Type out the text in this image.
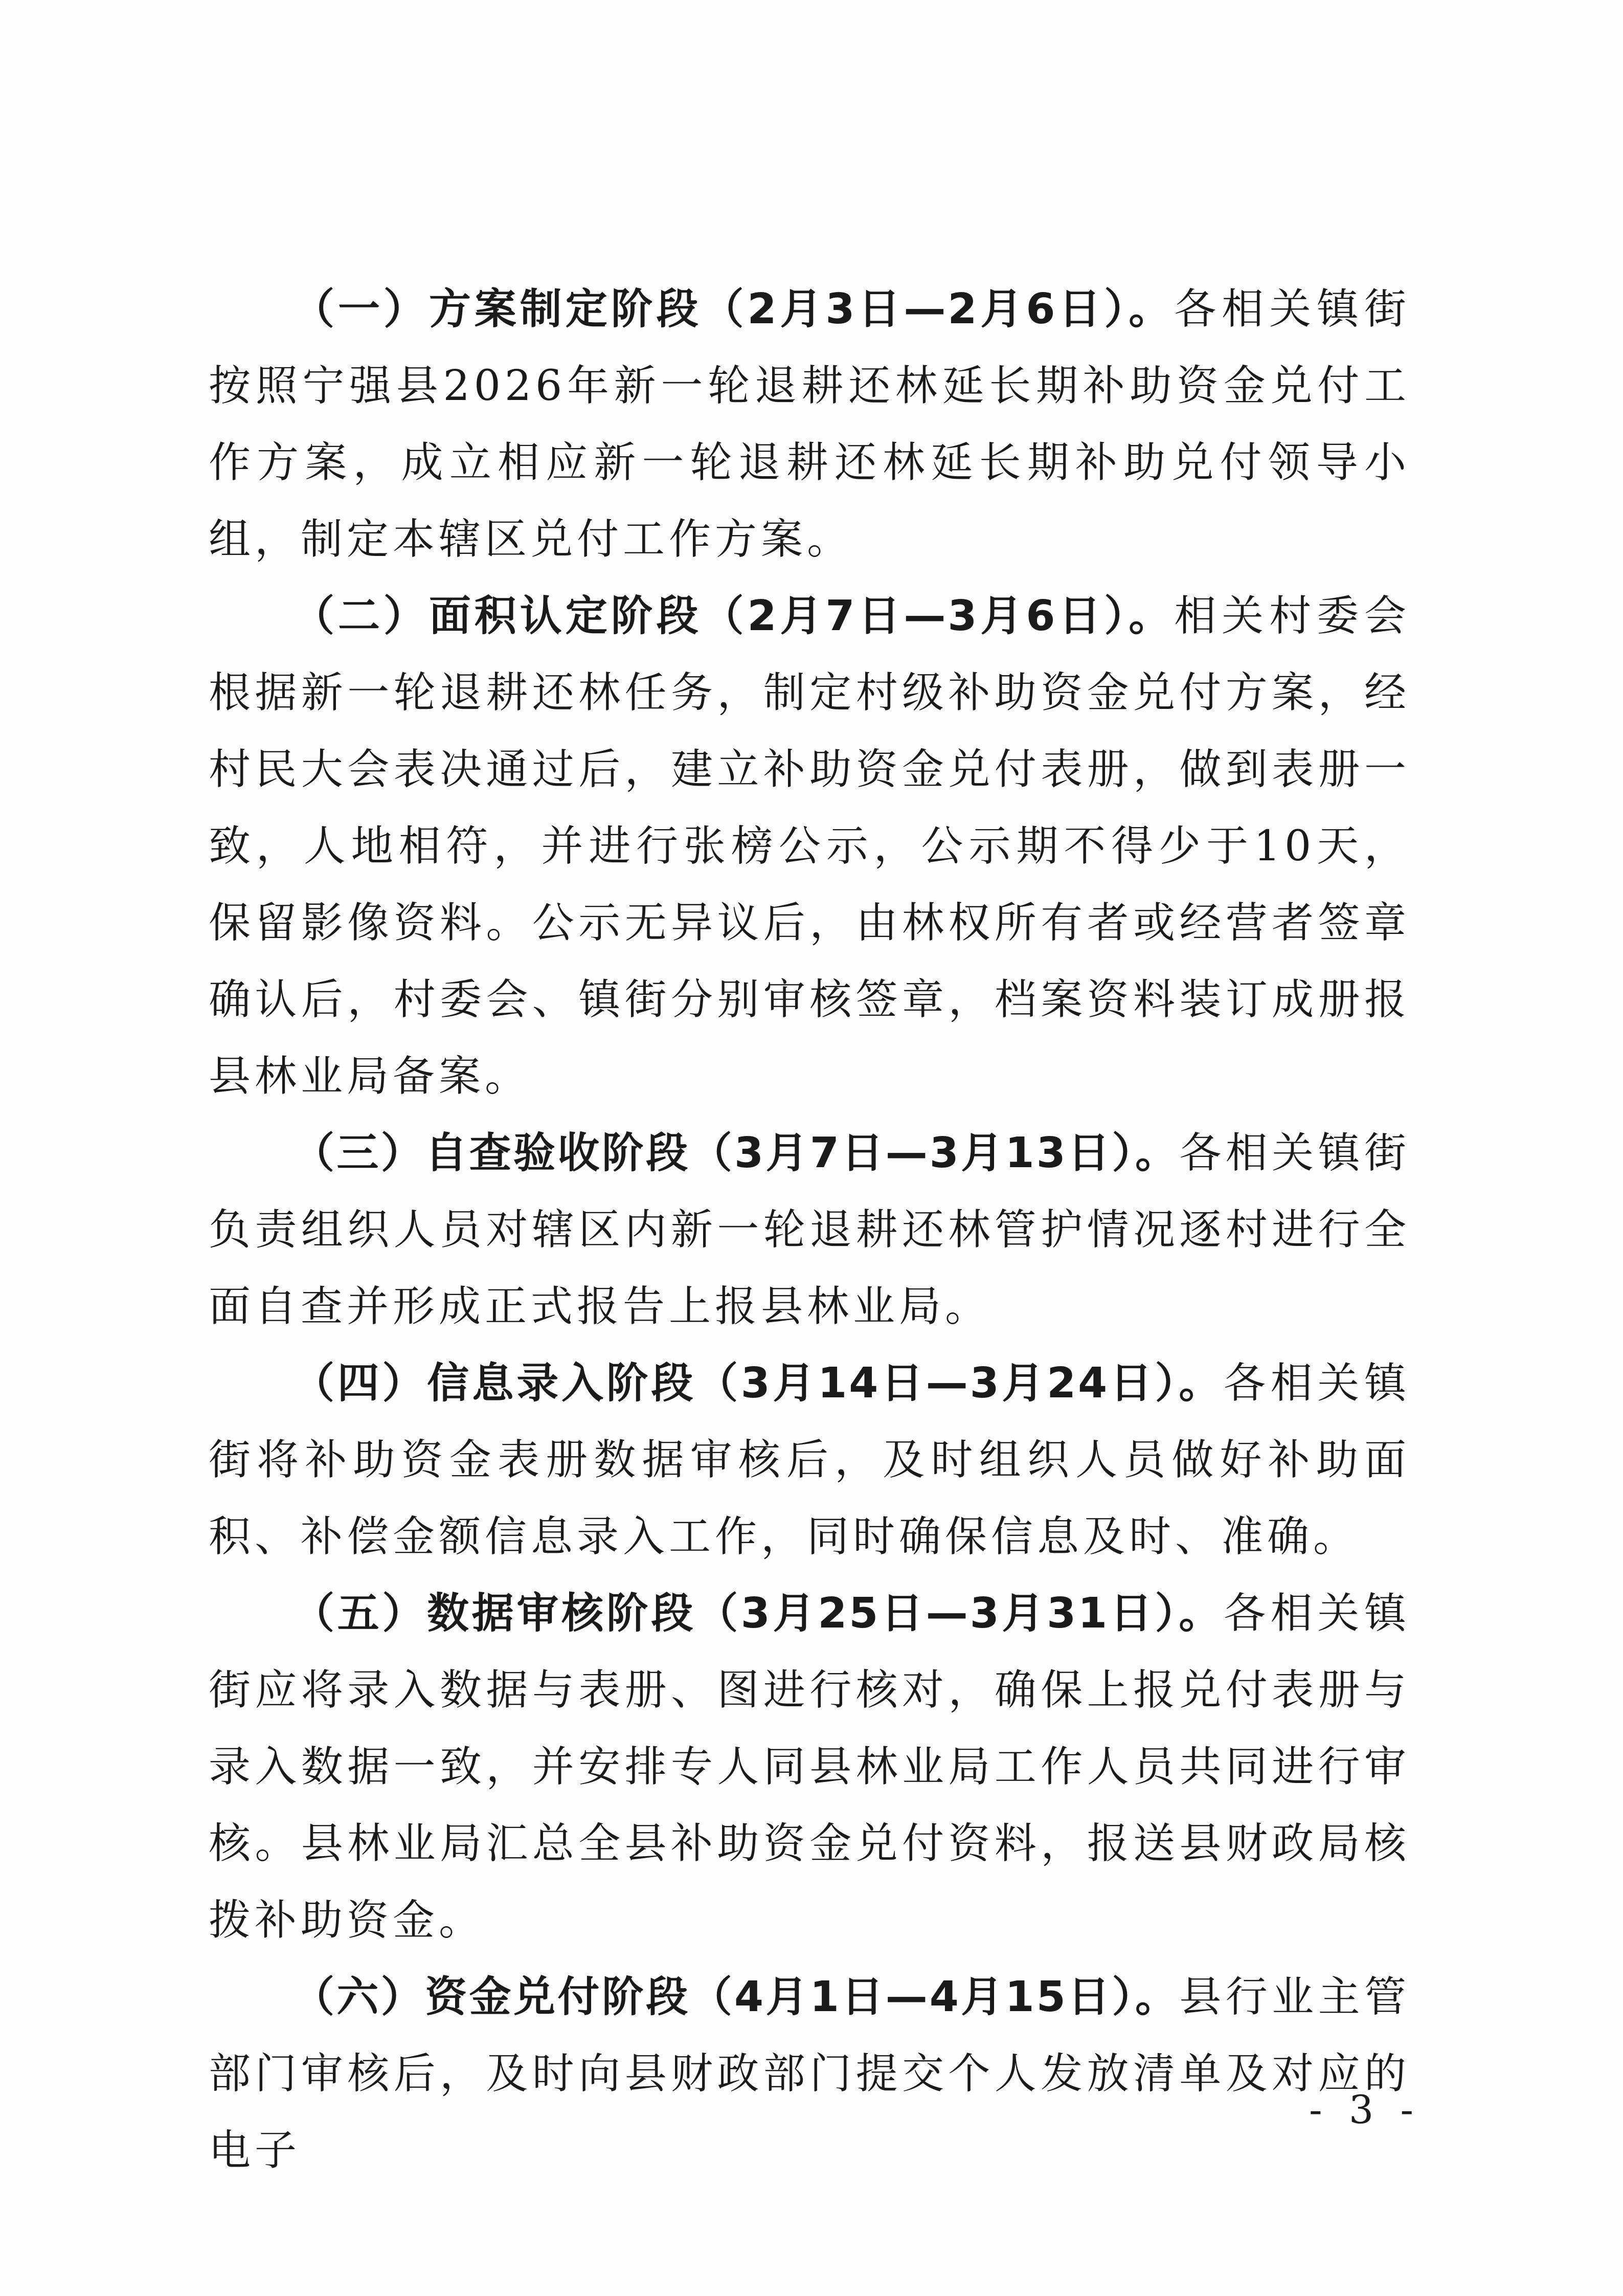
（一）方案制定阶段（2月3日—2月6日）。各相关镇街按照宁强县2026年新一轮退耕还林延长期补助资金兑付工作方案，成立相应新一轮退耕还林延长期补助兑付领导小组，制定本辖区兑付工作方案。

（二）面积认定阶段（2月7日—3月6日）。相关村委会根据新一轮退耕还林任务，制定村级补助资金兑付方案，经村民大会表决通过后，建立补助资金兑付表册，做到表册一致，人地相符，并进行张榜公示，公示期不得少于10天，保留影像资料。公示无异议后，由林权所有者或经营者签章确认后，村委会、镇街分别审核签章，档案资料装订成册报县林业局备案。

（三）自查验收阶段（3月7日—3月13日）。各相关镇街负责组织人员对辖区内新一轮退耕还林管护情况逐村进行全面自查并形成正式报告上报县林业局。

（四）信息录入阶段（3月14日—3月24日）。各相关镇街将补助资金表册数据审核后，及时组织人员做好补助面积、补偿金额信息录入工作，同时确保信息及时、准确。

（五）数据审核阶段（3月25日—3月31日）。各相关镇街应将录入数据与表册、图进行核对，确保上报兑付表册与录入数据一致，并安排专人同县林业局工作人员共同进行审核。县林业局汇总全县补助资金兑付资料，报送县财政局核拨补助资金。

（六）资金兑付阶段（4月1日—4月15日）。县行业主管部门审核后，及时向县财政部门提交个人发放清单及对应的电子

- 3 -
